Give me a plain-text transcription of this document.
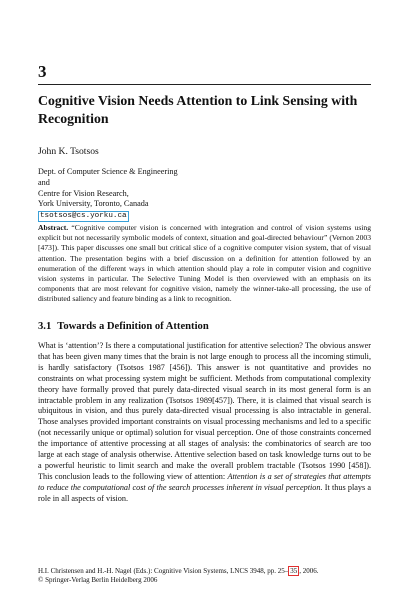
3
Cognitive Vision Needs Attention to Link Sensing with Recognition
John K. Tsotsos
Dept. of Computer Science & Engineering
and
Centre for Vision Research,
York University, Toronto, Canada
tsotsos@cs.yorku.ca
Abstract. “Cognitive computer vision is concerned with integration and control of vision systems using explicit but not necessarily symbolic models of context, situation and goal-directed behaviour” (Vernon 2003 [473]). This paper discusses one small but critical slice of a cognitive computer vision system, that of visual attention. The presentation begins with a brief discussion on a definition for attention followed by an enumeration of the different ways in which attention should play a role in computer vision and cognitive vision systems in particular. The Selective Tuning Model is then overviewed with an emphasis on its components that are most relevant for cognitive vision, namely the winner-take-all processing, the use of distributed saliency and feature binding as a link to recognition.
3.1 Towards a Definition of Attention
What is ‘attention’? Is there a computational justification for attentive selection? The obvious answer that has been given many times that the brain is not large enough to process all the incoming stimuli, is hardly satisfactory (Tsotsos 1987 [456]). This answer is not quantitative and provides no constraints on what processing system might be sufficient. Methods from computational complexity theory have formally proved that purely data-directed visual search in its most general form is an intractable problem in any realization (Tsotsos 1989[457]). There, it is claimed that visual search is ubiquitous in vision, and thus purely data-directed visual processing is also intractable in general. Those analyses provided important constraints on visual processing mechanisms and led to a specific (not necessarily unique or optimal) solution for visual perception. One of those constraints concerned the importance of attentive processing at all stages of analysis: the combinatorics of search are too large at each stage of analysis otherwise. Attentive selection based on task knowledge turns out to be a powerful heuristic to limit search and make the overall problem tractable (Tsotsos 1990 [458]). This conclusion leads to the following view of attention: Attention is a set of strategies that attempts to reduce the computational cost of the search processes inherent in visual perception. It thus plays a role in all aspects of vision.
H.I. Christensen and H.-H. Nagel (Eds.): Cognitive Vision Systems, LNCS 3948, pp. 25– 35 , 2006.
© Springer-Verlag Berlin Heidelberg 2006
